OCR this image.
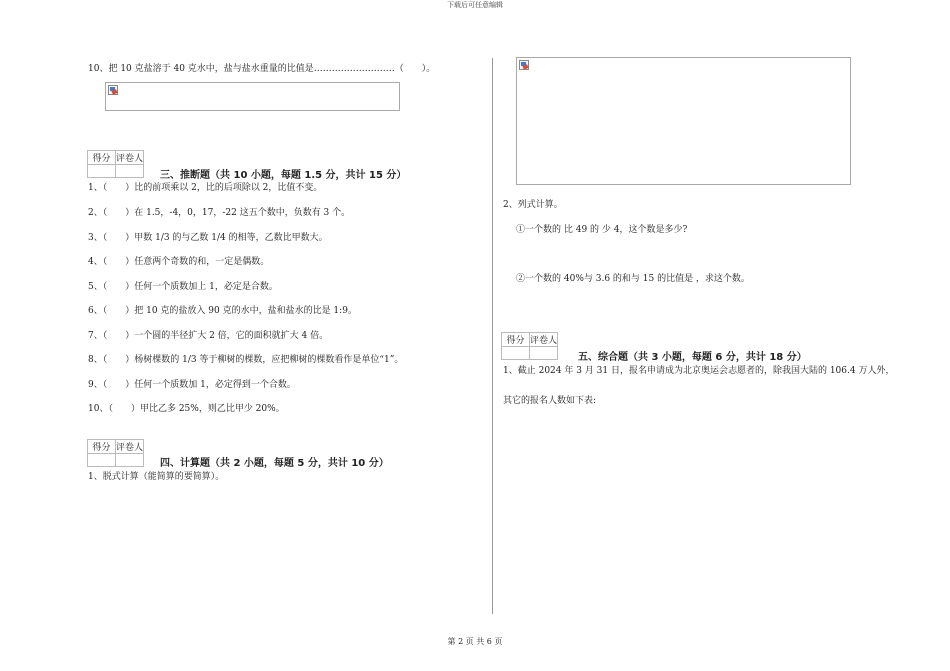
下载后可任意编辑
10、把 10 克盐溶于 40 克水中，盐与盐水重量的比值是………………………（　　）。
得分	评卷人

三、推断题（共 10 小题，每题 1.5 分，共计 15 分）
1、（　　）比的前项乘以 2，比的后项除以 2，比值不变。
2、（　　）在 1.5，-4，0，17，-22 这五个数中，负数有 3 个。
3、（　　）甲数 1/3 的与乙数 1/4 的相等，乙数比甲数大。
4、（　　）任意两个奇数的和，一定是偶数。
5、（　　）任何一个质数加上 1，必定是合数。
6、（　　）把 10 克的盐放入 90 克的水中，盐和盐水的比是 1:9。
7、（　　）一个圆的半径扩大 2 倍，它的面积就扩大 4 倍。
8、（　　）杨树棵数的 1/3 等于柳树的棵数，应把柳树的棵数看作是单位“1”。
9、（　　）任何一个质数加 1，必定得到一个合数。
10、（　　）甲比乙多 25%，则乙比甲少 20%。
得分	评卷人

四、计算题（共 2 小题，每题 5 分，共计 10 分）
1、脱式计算（能简算的要简算）。
2、列式计算。
①一个数的 比 49 的 少 4，这个数是多少?
②一个数的 40%与 3.6 的和与 15 的比值是 ，求这个数。
得分	评卷人

五、综合题（共 3 小题，每题 6 分，共计 18 分）
1、截止 2024 年 3 月 31 日，报名申请成为北京奥运会志愿者的，除我国大陆的 106.4 万人外，
其它的报名人数如下表:
第 2 页 共 6 页
